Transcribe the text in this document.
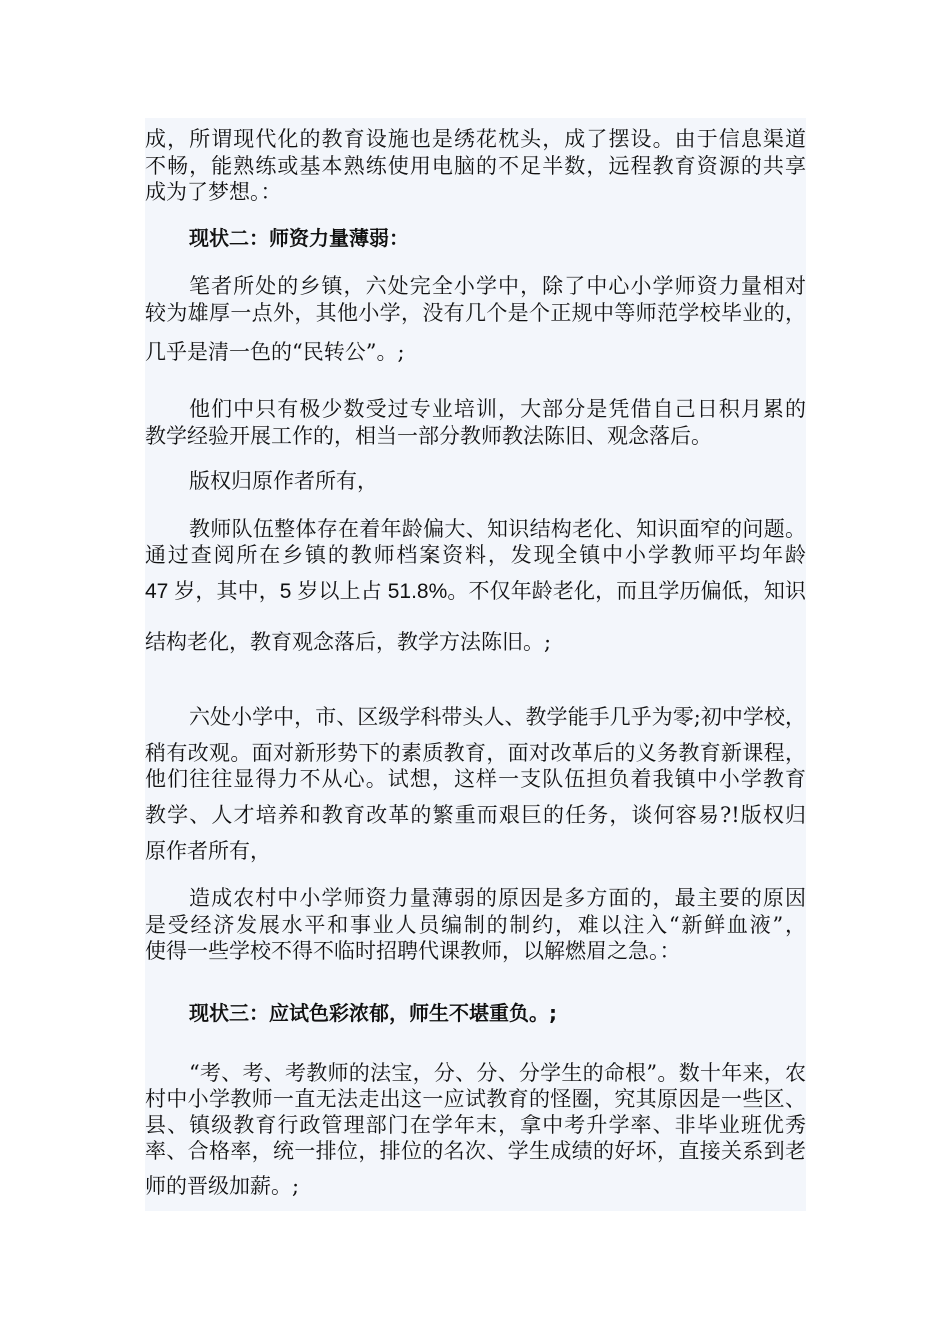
成，所谓现代化的教育设施也是绣花枕头，成了摆设。由于信息渠道
不畅，能熟练或基本熟练使用电脑的不足半数，远程教育资源的共享
成为了梦想。：
现状二：师资力量薄弱：
笔者所处的乡镇，六处完全小学中，除了中心小学师资力量相对
较为雄厚一点外，其他小学，没有几个是个正规中等师范学校毕业的，
几乎是清一色的“民转公”。;
他们中只有极少数受过专业培训，大部分是凭借自己日积月累的
教学经验开展工作的，相当一部分教师教法陈旧、观念落后。
版权归原作者所有，
教师队伍整体存在着年龄偏大、知识结构老化、知识面窄的问题。
通过查阅所在乡镇的教师档案资料，发现全镇中小学教师平均年龄
47 岁，其中，5 岁以上占 51.8%。不仅年龄老化，而且学历偏低，知识
结构老化，教育观念落后，教学方法陈旧。;
六处小学中，市、区级学科带头人、教学能手几乎为零;初中学校，
稍有改观。面对新形势下的素质教育，面对改革后的义务教育新课程，
他们往往显得力不从心。试想，这样一支队伍担负着我镇中小学教育
教学、人才培养和教育改革的繁重而艰巨的任务，谈何容易?!版权归
原作者所有，
造成农村中小学师资力量薄弱的原因是多方面的，最主要的原因
是受经济发展水平和事业人员编制的制约，难以注入“新鲜血液”，
使得一些学校不得不临时招聘代课教师，以解燃眉之急。：
现状三：应试色彩浓郁，师生不堪重负。;
“考、考、考教师的法宝，分、分、分学生的命根”。数十年来，农
村中小学教师一直无法走出这一应试教育的怪圈，究其原因是一些区、
县、镇级教育行政管理部门在学年末，拿中考升学率、非毕业班优秀
率、合格率，统一排位，排位的名次、学生成绩的好坏，直接关系到老
师的晋级加薪。;
